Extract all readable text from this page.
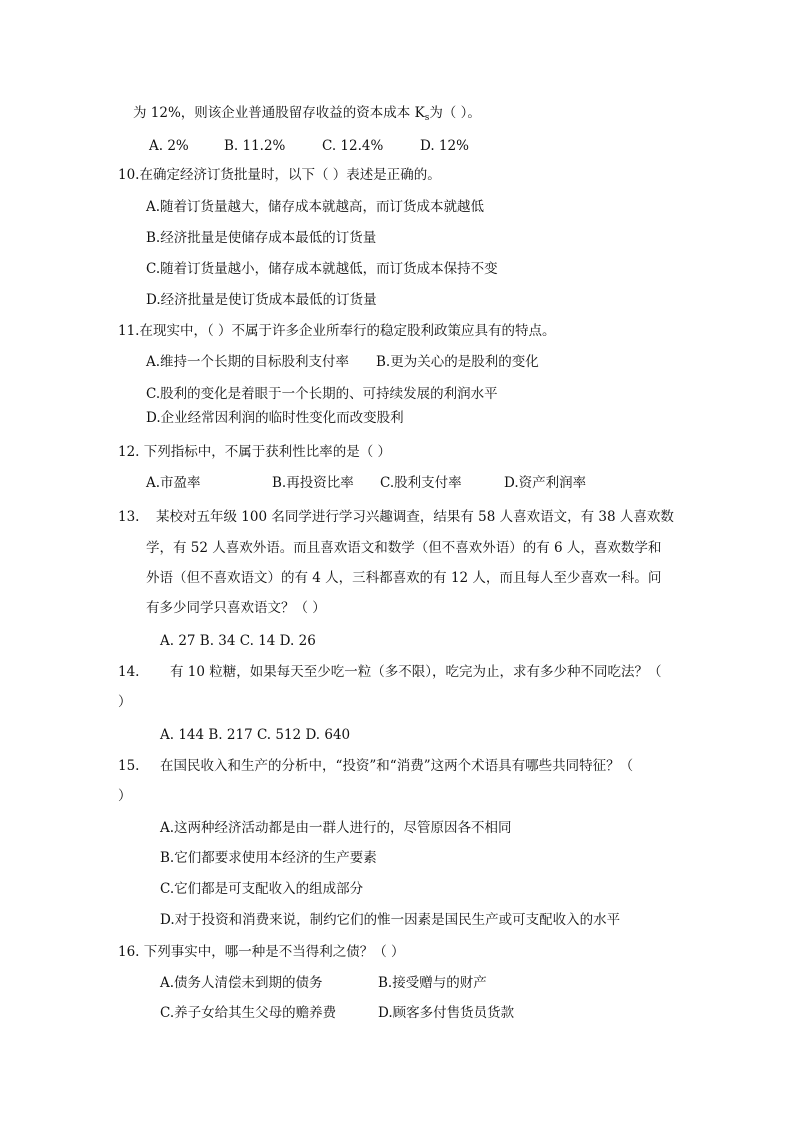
为 12%，则该企业普通股留存收益的资本成本 $K_s$为（ ）。
A. 2%	B. 11.2%	C. 12.4%	D. 12%
10.在确定经济订货批量时，以下（ ）表述是正确的。
A.随着订货量越大，储存成本就越高，而订货成本就越低
B.经济批量是使储存成本最低的订货量
C.随着订货量越小，储存成本就越低，而订货成本保持不变
D.经济批量是使订货成本最低的订货量
11.在现实中，（ ）不属于许多企业所奉行的稳定股利政策应具有的特点。
A.维持一个长期的目标股利支付率 B.更为关心的是股利的变化
C.股利的变化是着眼于一个长期的、可持续发展的利润水平
D.企业经常因利润的临时性变化而改变股利
12. 下列指标中，不属于获利性比率的是（ ）
A.市盈率	B.再投资比率 C.股利支付率	D.资产利润率
13. 某校对五年级 100 名同学进行学习兴趣调查，结果有 58 人喜欢语文，有 38 人喜欢数
学，有 52 人喜欢外语。而且喜欢语文和数学（但不喜欢外语）的有 6 人，喜欢数学和
外语（但不喜欢语文）的有 4 人，三科都喜欢的有 12 人，而且每人至少喜欢一科。问
有多少同学只喜欢语文？（ ）
A. 27 B. 34 C. 14 D. 26
14. 有 10 粒糖，如果每天至少吃一粒（多不限），吃完为止，求有多少种不同吃法？（
）
A. 144 B. 217 C. 512 D. 640
15. 在国民收入和生产的分析中，“投资”和“消费”这两个术语具有哪些共同特征？（
）
A.这两种经济活动都是由一群人进行的，尽管原因各不相同
B.它们都要求使用本经济的生产要素
C.它们都是可支配收入的组成部分
D.对于投资和消费来说，制约它们的惟一因素是国民生产或可支配收入的水平
16. 下列事实中，哪一种是不当得利之债？（ ）
A.债务人清偿未到期的债务	B.接受赠与的财产
C.养子女给其生父母的赡养费	D.顾客多付售货员货款
